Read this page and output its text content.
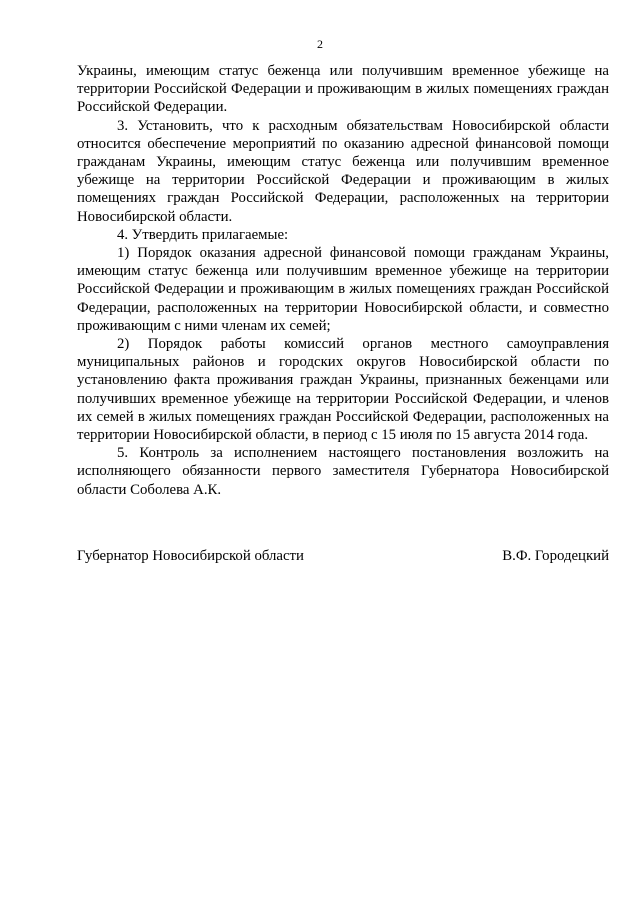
2

Украины, имеющим статус беженца или получившим временное убежище на территории Российской Федерации и проживающим в жилых помещениях граждан Российской Федерации.

3. Установить, что к расходным обязательствам Новосибирской области относится обеспечение мероприятий по оказанию адресной финансовой помощи гражданам Украины, имеющим статус беженца или получившим временное убежище на территории Российской Федерации и проживающим в жилых помещениях граждан Российской Федерации, расположенных на территории Новосибирской области.

4. Утвердить прилагаемые:

1) Порядок оказания адресной финансовой помощи гражданам Украины, имеющим статус беженца или получившим временное убежище на территории Российской Федерации и проживающим в жилых помещениях граждан Российской Федерации, расположенных на территории Новосибирской области, и совместно проживающим с ними членам их семей;

2) Порядок работы комиссий органов местного самоуправления муниципальных районов и городских округов Новосибирской области по установлению факта проживания граждан Украины, признанных беженцами или получивших временное убежище на территории Российской Федерации, и членов их семей в жилых помещениях граждан Российской Федерации, расположенных на территории Новосибирской области, в период с 15 июля по 15 августа 2014 года.

5. Контроль за исполнением настоящего постановления возложить на исполняющего обязанности первого заместителя Губернатора Новосибирской области Соболева А.К.

Губернатор Новосибирской области	В.Ф. Городецкий
